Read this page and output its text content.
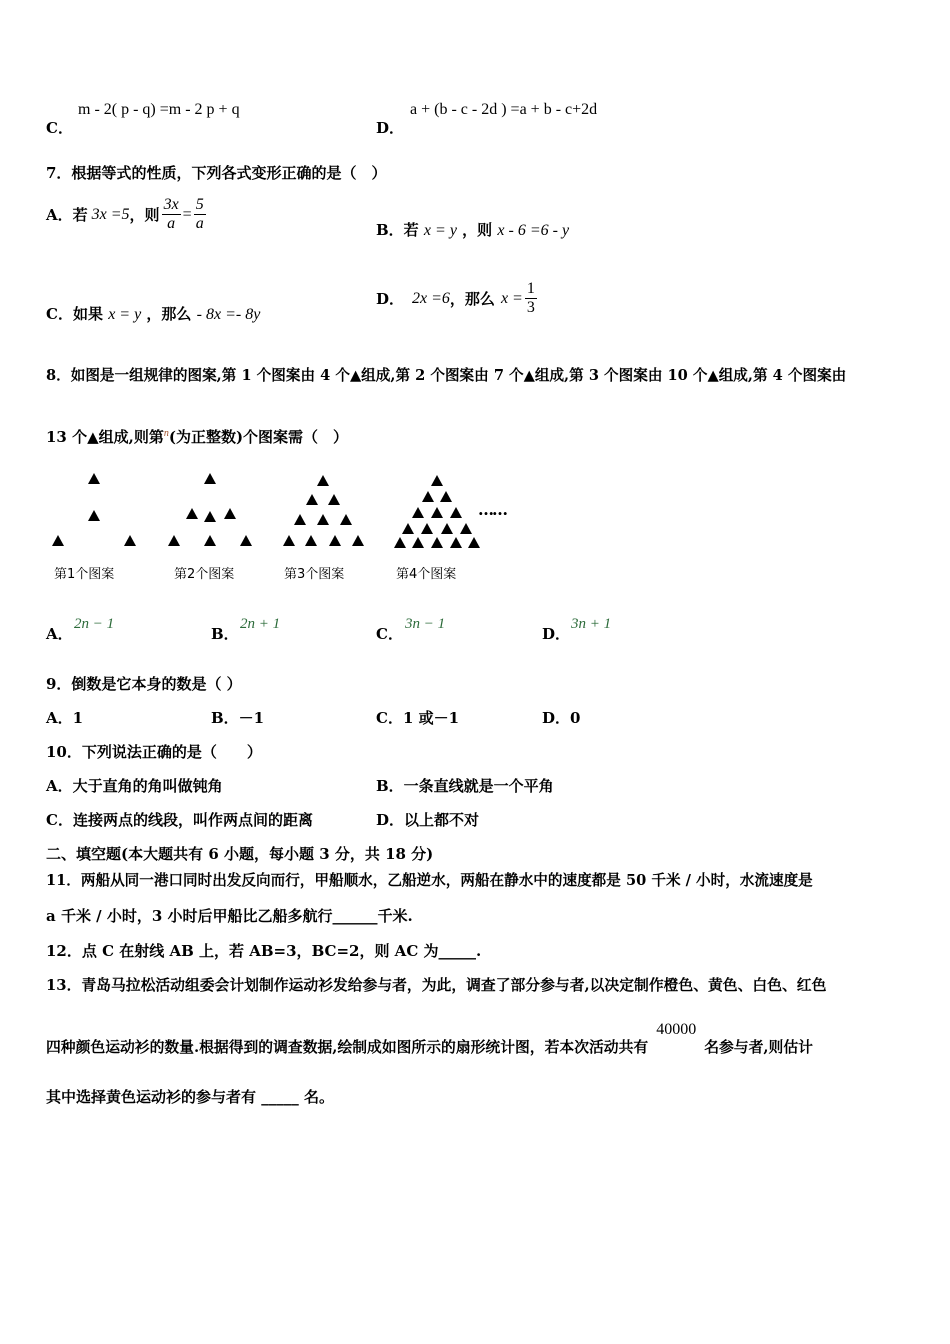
C．
m - 2( p - q) =m - 2 p + q
D．
a + (b - c - 2d ) =a + b - c+2d
7．根据等式的性质，下列各式变形正确的是（　）
A．若 3x =5 ，则 $\frac{3x}{a} = \frac{5}{a}$	B．若 x = y ，则 x - 6 =6 - y
C．如果 x = y ，那么 - 8x =- 8y
D． 2x =6 ，那么 $x = \frac{1}{3}$
8．如图是一组规律的图案,第 1 个图案由 4 个▲组成,第 2 个图案由 7 个▲组成,第 3 个图案由 10 个▲组成,第 4 个图案由
13 个▲组成,则第$^n$(为正整数)个图案需（　）
……
第1个图案	第2个图案	第3个图案	第4个图案
A．
2n − 1
B．
2n + 1
C．
3n − 1
D．
3n + 1
9．倒数是它本身的数是（ ）
A．1	B．－1	C．1 或－1	D．0
10．下列说法正确的是（　　）
A．大于直角的角叫做钝角	B．一条直线就是一个平角
C．连接两点的线段，叫作两点间的距离	D．以上都不对
二、填空题(本大题共有 6 小题，每小题 3 分，共 18 分)
11．两船从同一港口同时出发反向而行，甲船顺水，乙船逆水，两船在静水中的速度都是 50 千米 / 小时，水流速度是
a 千米 / 小时，3 小时后甲船比乙船多航行______千米.
12．点 C 在射线 AB 上，若 AB=3，BC=2，则 AC 为_____.
13．青岛马拉松活动组委会计划制作运动衫发给参与者，为此，调查了部分参与者,以决定制作橙色、黄色、白色、红色
四种颜色运动衫的数量.根据得到的调查数据,绘制成如图所示的扇形统计图，若本次活动共有
40000
名参与者,则估计
其中选择黄色运动衫的参与者有 _____ 名。
